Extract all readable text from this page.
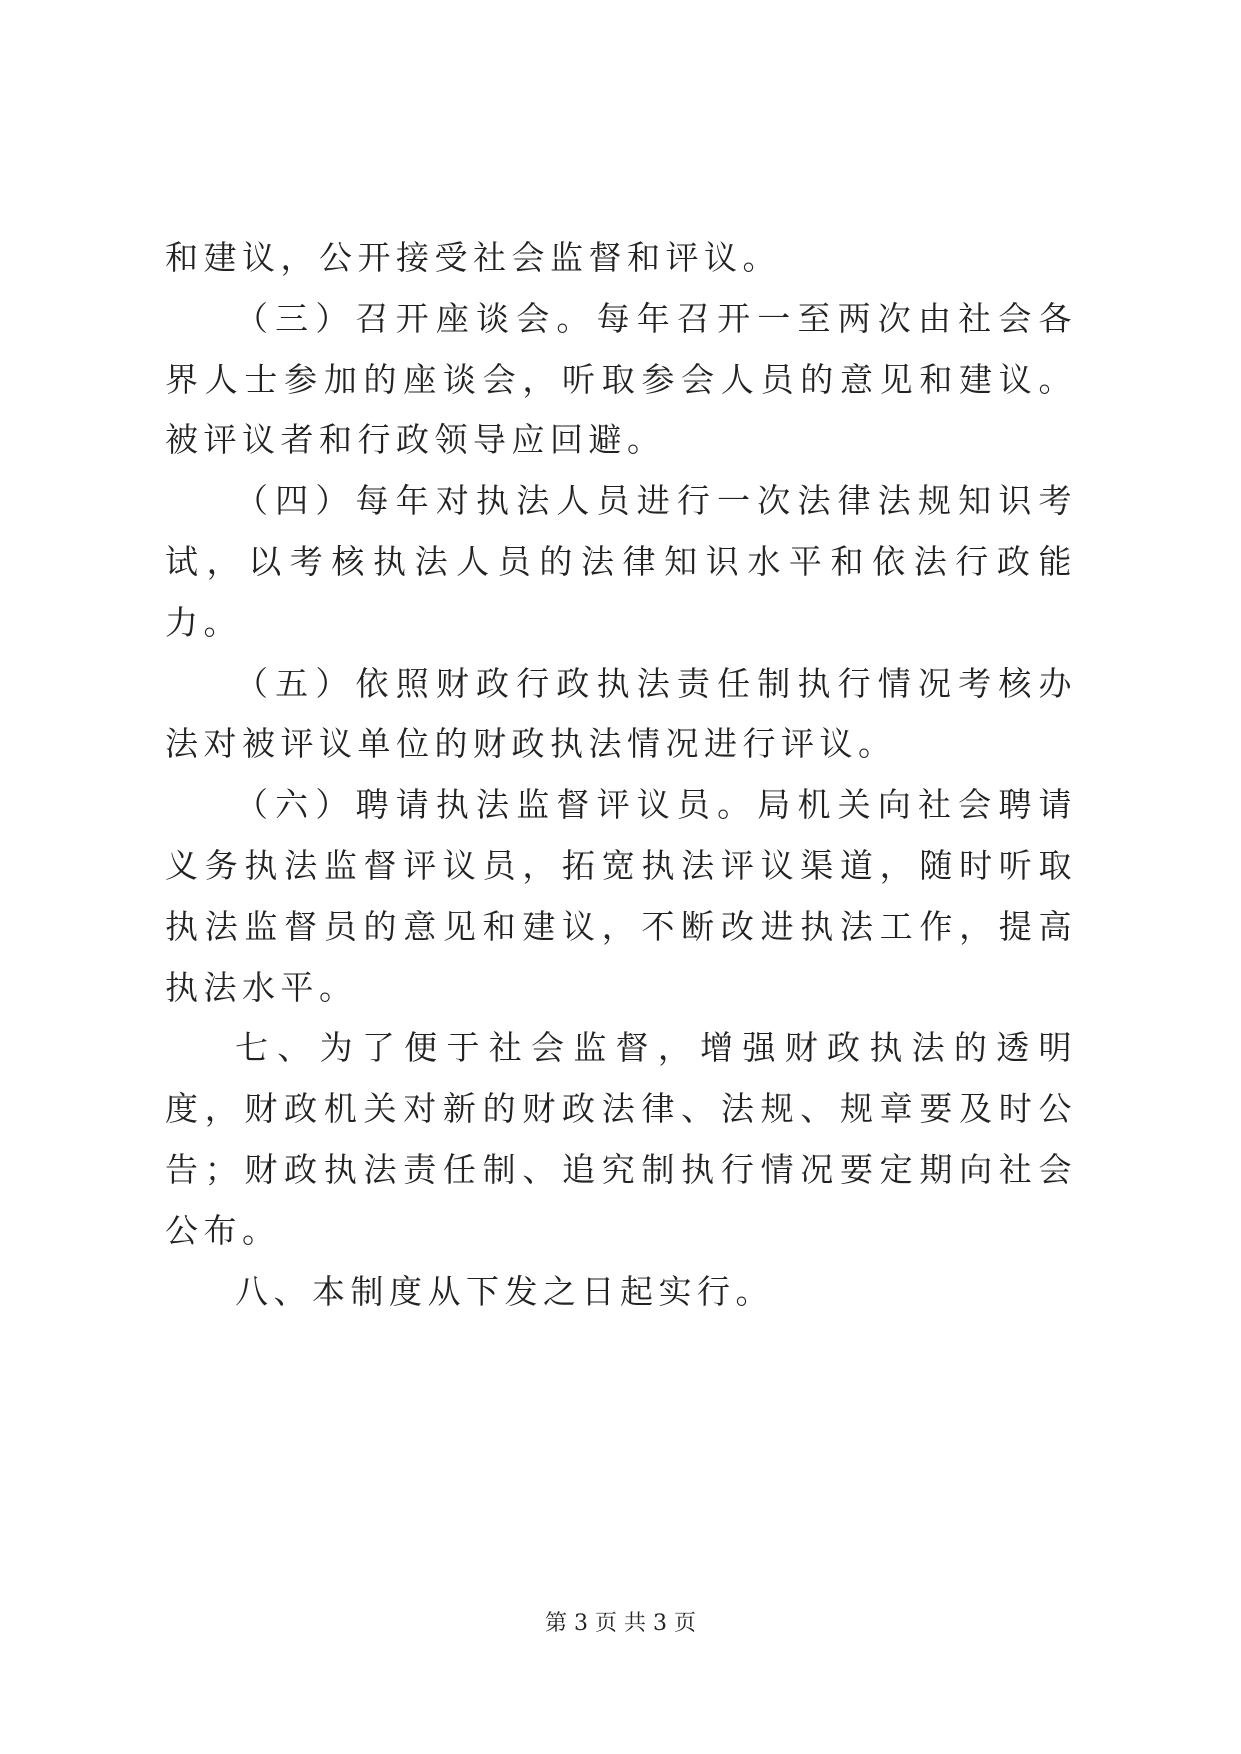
和建议，公开接受社会监督和评议。

（三）召开座谈会。每年召开一至两次由社会各界人士参加的座谈会，听取参会人员的意见和建议。被评议者和行政领导应回避。

（四）每年对执法人员进行一次法律法规知识考试，以考核执法人员的法律知识水平和依法行政能力。

（五）依照财政行政执法责任制执行情况考核办法对被评议单位的财政执法情况进行评议。

（六）聘请执法监督评议员。局机关向社会聘请义务执法监督评议员，拓宽执法评议渠道，随时听取执法监督员的意见和建议，不断改进执法工作，提高执法水平。

七、为了便于社会监督，增强财政执法的透明度，财政机关对新的财政法律、法规、规章要及时公告；财政执法责任制、追究制执行情况要定期向社会公布。

八、本制度从下发之日起实行。

第 3 页 共 3 页
